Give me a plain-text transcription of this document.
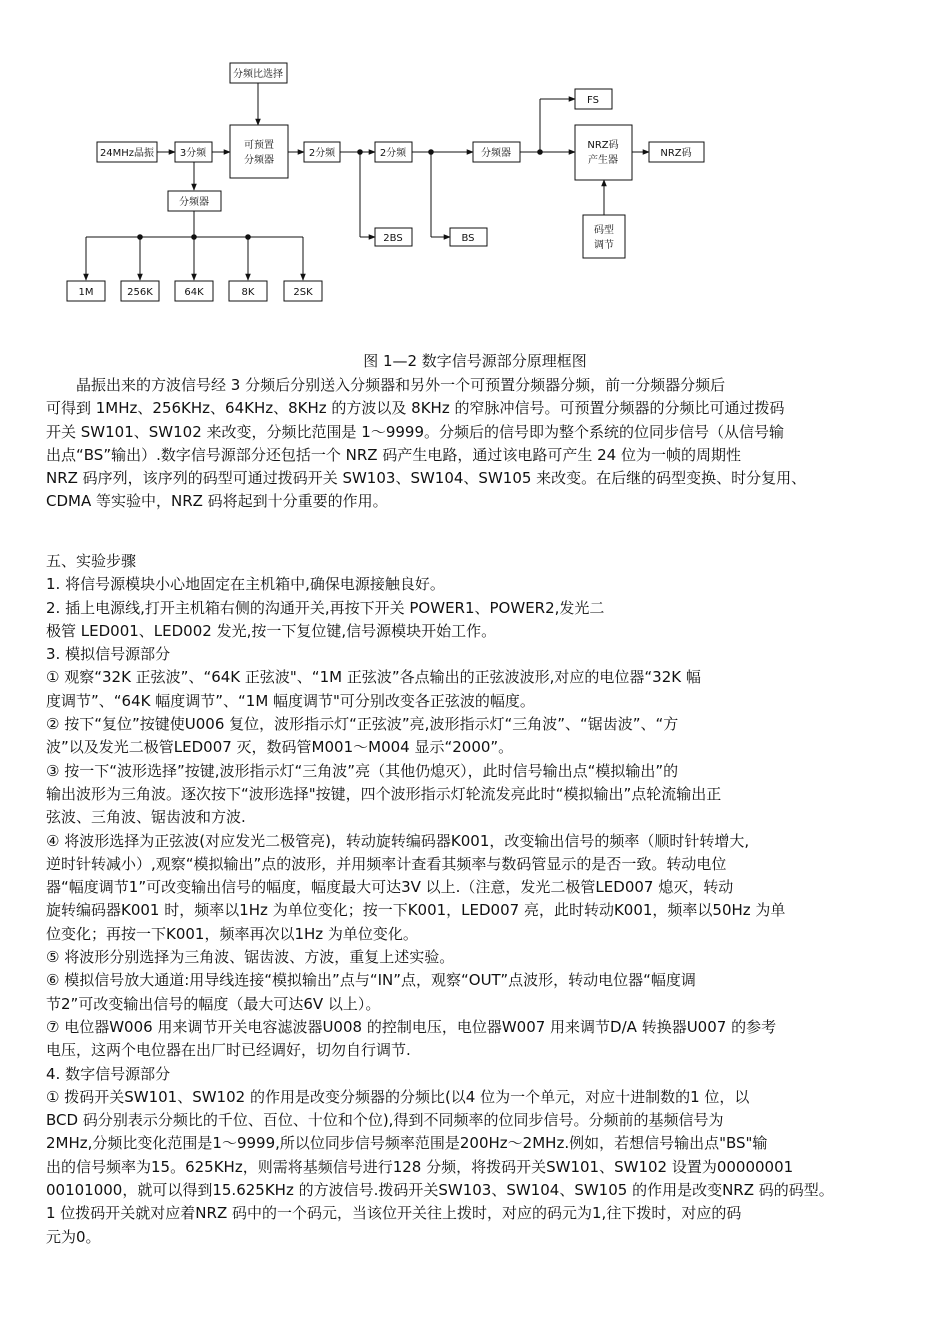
24MHz晶振	3分频
分频比选择
可预置
分频器
2分频	2分频	分频器
FS
NRZ码
产生器
NRZ码
码型
调节
分频器
2BS	BS
1M	256K	64K	8K	2SK
图 1—2 数字信号源部分原理框图

　　晶振出来的方波信号经 3 分频后分别送入分频器和另外一个可预置分频器分频，前一分频器分频后

可得到 1MHz、256KHz、64KHz、8KHz 的方波以及 8KHz 的窄脉冲信号。可预置分频器的分频比可通过拨码

开关 SW101、SW102 来改变，分频比范围是 1～9999。分频后的信号即为整个系统的位同步信号（从信号输

出点“BS”输出）.数字信号源部分还包括一个 NRZ 码产生电路，通过该电路可产生 24 位为一帧的周期性

NRZ 码序列，该序列的码型可通过拨码开关 SW103、SW104、SW105 来改变。在后继的码型变换、时分复用、

CDMA 等实验中，NRZ 码将起到十分重要的作用。

五、实验步骤

1. 将信号源模块小心地固定在主机箱中,确保电源接触良好。

2. 插上电源线,打开主机箱右侧的沟通开关,再按下开关 POWER1、POWER2,发光二

极管 LED001、LED002 发光,按一下复位键,信号源模块开始工作。

3. 模拟信号源部分

① 观察“32K 正弦波”、“64K 正弦波"、“1M 正弦波”各点输出的正弦波波形,对应的电位器“32K 幅

度调节”、“64K 幅度调节”、“1M 幅度调节"可分别改变各正弦波的幅度。

② 按下“复位”按键使U006 复位，波形指示灯“正弦波”亮,波形指示灯“三角波”、“锯齿波”、“方

波”以及发光二极管LED007 灭，数码管M001～M004 显示“2000”。

③ 按一下“波形选择”按键,波形指示灯“三角波”亮（其他仍熄灭），此时信号输出点“模拟输出”的

输出波形为三角波。逐次按下“波形选择"按键，四个波形指示灯轮流发亮此时“模拟输出”点轮流输出正

弦波、三角波、锯齿波和方波.

④ 将波形选择为正弦波(对应发光二极管亮)，转动旋转编码器K001，改变输出信号的频率（顺时针转增大,

逆时针转减小）,观察“模拟输出”点的波形，并用频率计查看其频率与数码管显示的是否一致。转动电位

器“幅度调节1”可改变输出信号的幅度，幅度最大可达3V 以上.（注意，发光二极管LED007 熄灭，转动

旋转编码器K001 时，频率以1Hz 为单位变化；按一下K001，LED007 亮，此时转动K001，频率以50Hz 为单

位变化；再按一下K001，频率再次以1Hz 为单位变化。

⑤ 将波形分别选择为三角波、锯齿波、方波，重复上述实验。

⑥ 模拟信号放大通道:用导线连接“模拟输出”点与“IN”点，观察“OUT”点波形，转动电位器“幅度调

节2”可改变输出信号的幅度（最大可达6V 以上）。

⑦ 电位器W006 用来调节开关电容滤波器U008 的控制电压，电位器W007 用来调节D/A 转换器U007 的参考

电压，这两个电位器在出厂时已经调好，切勿自行调节.

4. 数字信号源部分

① 拨码开关SW101、SW102 的作用是改变分频器的分频比(以4 位为一个单元，对应十进制数的1 位，以

BCD 码分别表示分频比的千位、百位、十位和个位),得到不同频率的位同步信号。分频前的基频信号为

2MHz,分频比变化范围是1～9999,所以位同步信号频率范围是200Hz～2MHz.例如，若想信号输出点"BS"输

出的信号频率为15。625KHz，则需将基频信号进行128 分频，将拨码开关SW101、SW102 设置为00000001

00101000，就可以得到15.625KHz 的方波信号.拨码开关SW103、SW104、SW105 的作用是改变NRZ 码的码型。

1 位拨码开关就对应着NRZ 码中的一个码元，当该位开关往上拨时，对应的码元为1,往下拨时，对应的码

元为0。
